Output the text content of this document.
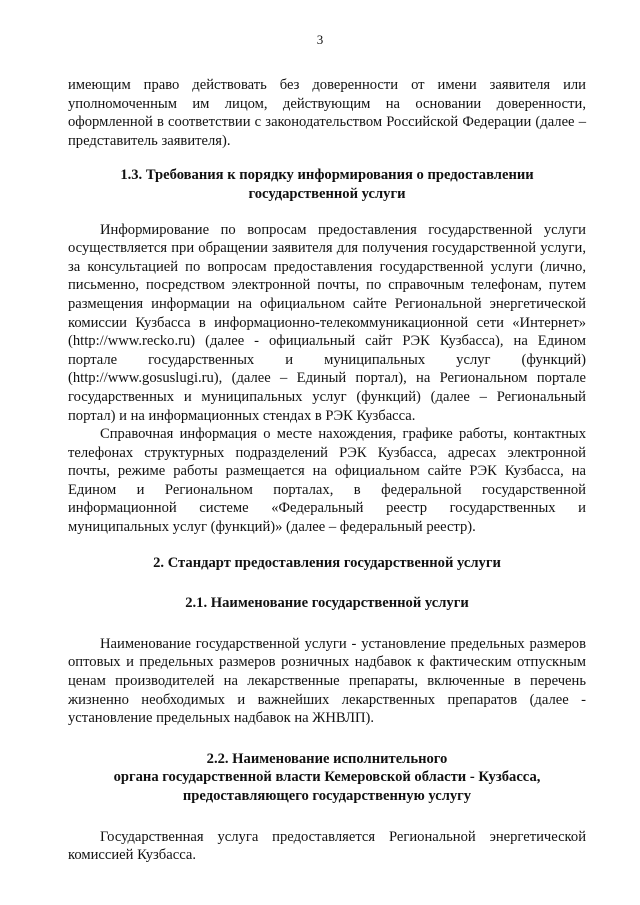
3

имеющим право действовать без доверенности от имени заявителя или уполномоченным им лицом, действующим на основании доверенности, оформленной в соответствии с законодательством Российской Федерации (далее – представитель заявителя).

1.3. Требования к порядку информирования о предоставлении
государственной услуги

Информирование по вопросам предоставления государственной услуги осуществляется при обращении заявителя для получения государственной услуги, за консультацией по вопросам предоставления государственной услуги (лично, письменно, посредством электронной почты, по справочным телефонам, путем размещения информации на официальном сайте Региональной энергетической комиссии Кузбасса в информационно-телекоммуникационной сети «Интернет» (http://www.recko.ru) (далее - официальный сайт РЭК Кузбасса), на Едином портале государственных и муниципальных услуг (функций) (http://www.gosuslugi.ru), (далее – Единый портал), на Региональном портале государственных и муниципальных услуг (функций) (далее – Региональный портал) и на информационных стендах в РЭК Кузбасса.

Справочная информация о месте нахождения, графике работы, контактных телефонах структурных подразделений РЭК Кузбасса, адресах электронной почты, режиме работы размещается на официальном сайте РЭК Кузбасса, на Едином и Региональном порталах, в федеральной государственной информационной системе «Федеральный реестр государственных и муниципальных услуг (функций)» (далее – федеральный реестр).

2. Стандарт предоставления государственной услуги
2.1. Наименование государственной услуги

Наименование государственной услуги - установление предельных размеров оптовых и предельных размеров розничных надбавок к фактическим отпускным ценам производителей на лекарственные препараты, включенные в перечень жизненно необходимых и важнейших лекарственных препаратов (далее - установление предельных надбавок на ЖНВЛП).

2.2. Наименование исполнительного
органа государственной власти Кемеровской области - Кузбасса,
предоставляющего государственную услугу

Государственная услуга предоставляется Региональной энергетической комиссией Кузбасса.
